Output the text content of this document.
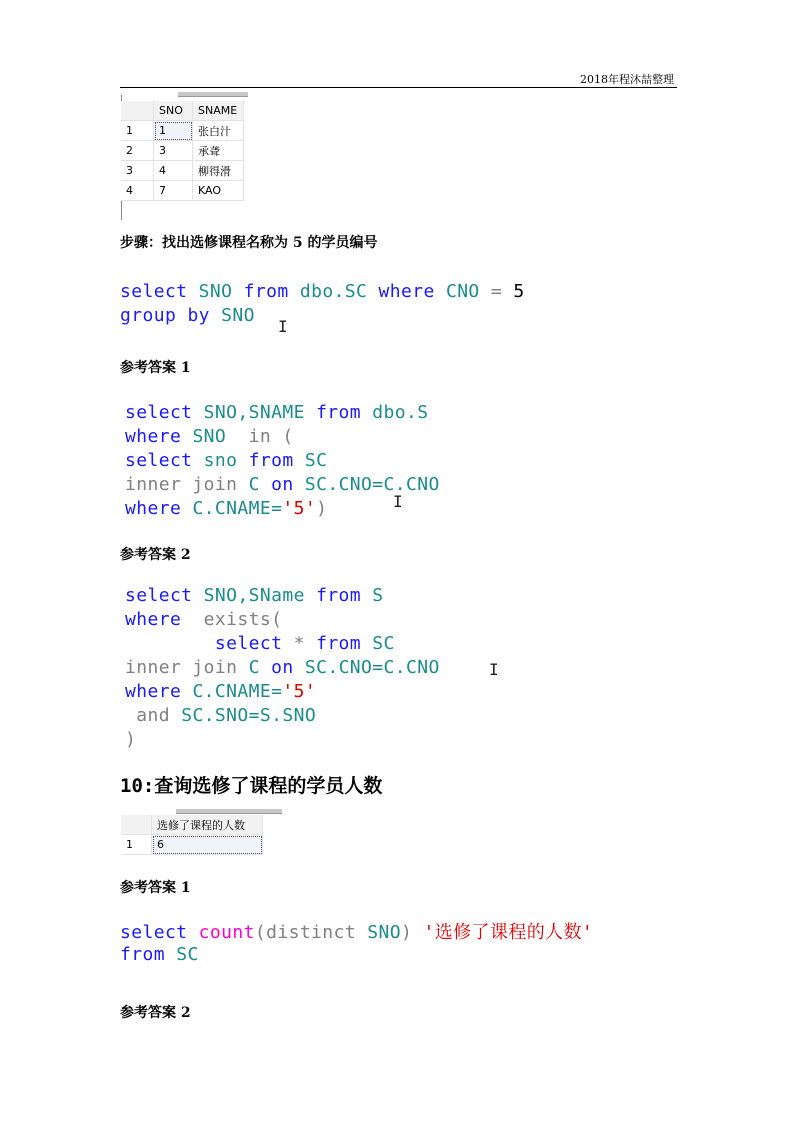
2018年程沐喆整理
	SNO	SNAME
1	1	张白汁
2	3	承聋
3	4	柳得滑
4	7	KAO
步骤：找出选修课程名称为 5 的学员编号
select SNO from dbo.SC where CNO = 5
group by SNO
I
参考答案 1
select SNO,SNAME from dbo.S
where SNO in (
select sno from SC
inner join C on SC.CNO=C.CNO
where C.CNAME='5')	I
参考答案 2
select SNO,SName from S
where exists(
select * from SC
inner join C on SC.CNO=C.CNO
where C.CNAME='5'
and SC.SNO=S.SNO
)
I
10:查询选修了课程的学员人数
	选修了课程的人数
1	6
参考答案 1
select count(distinct SNO) '选修了课程的人数'
from SC
参考答案 2
